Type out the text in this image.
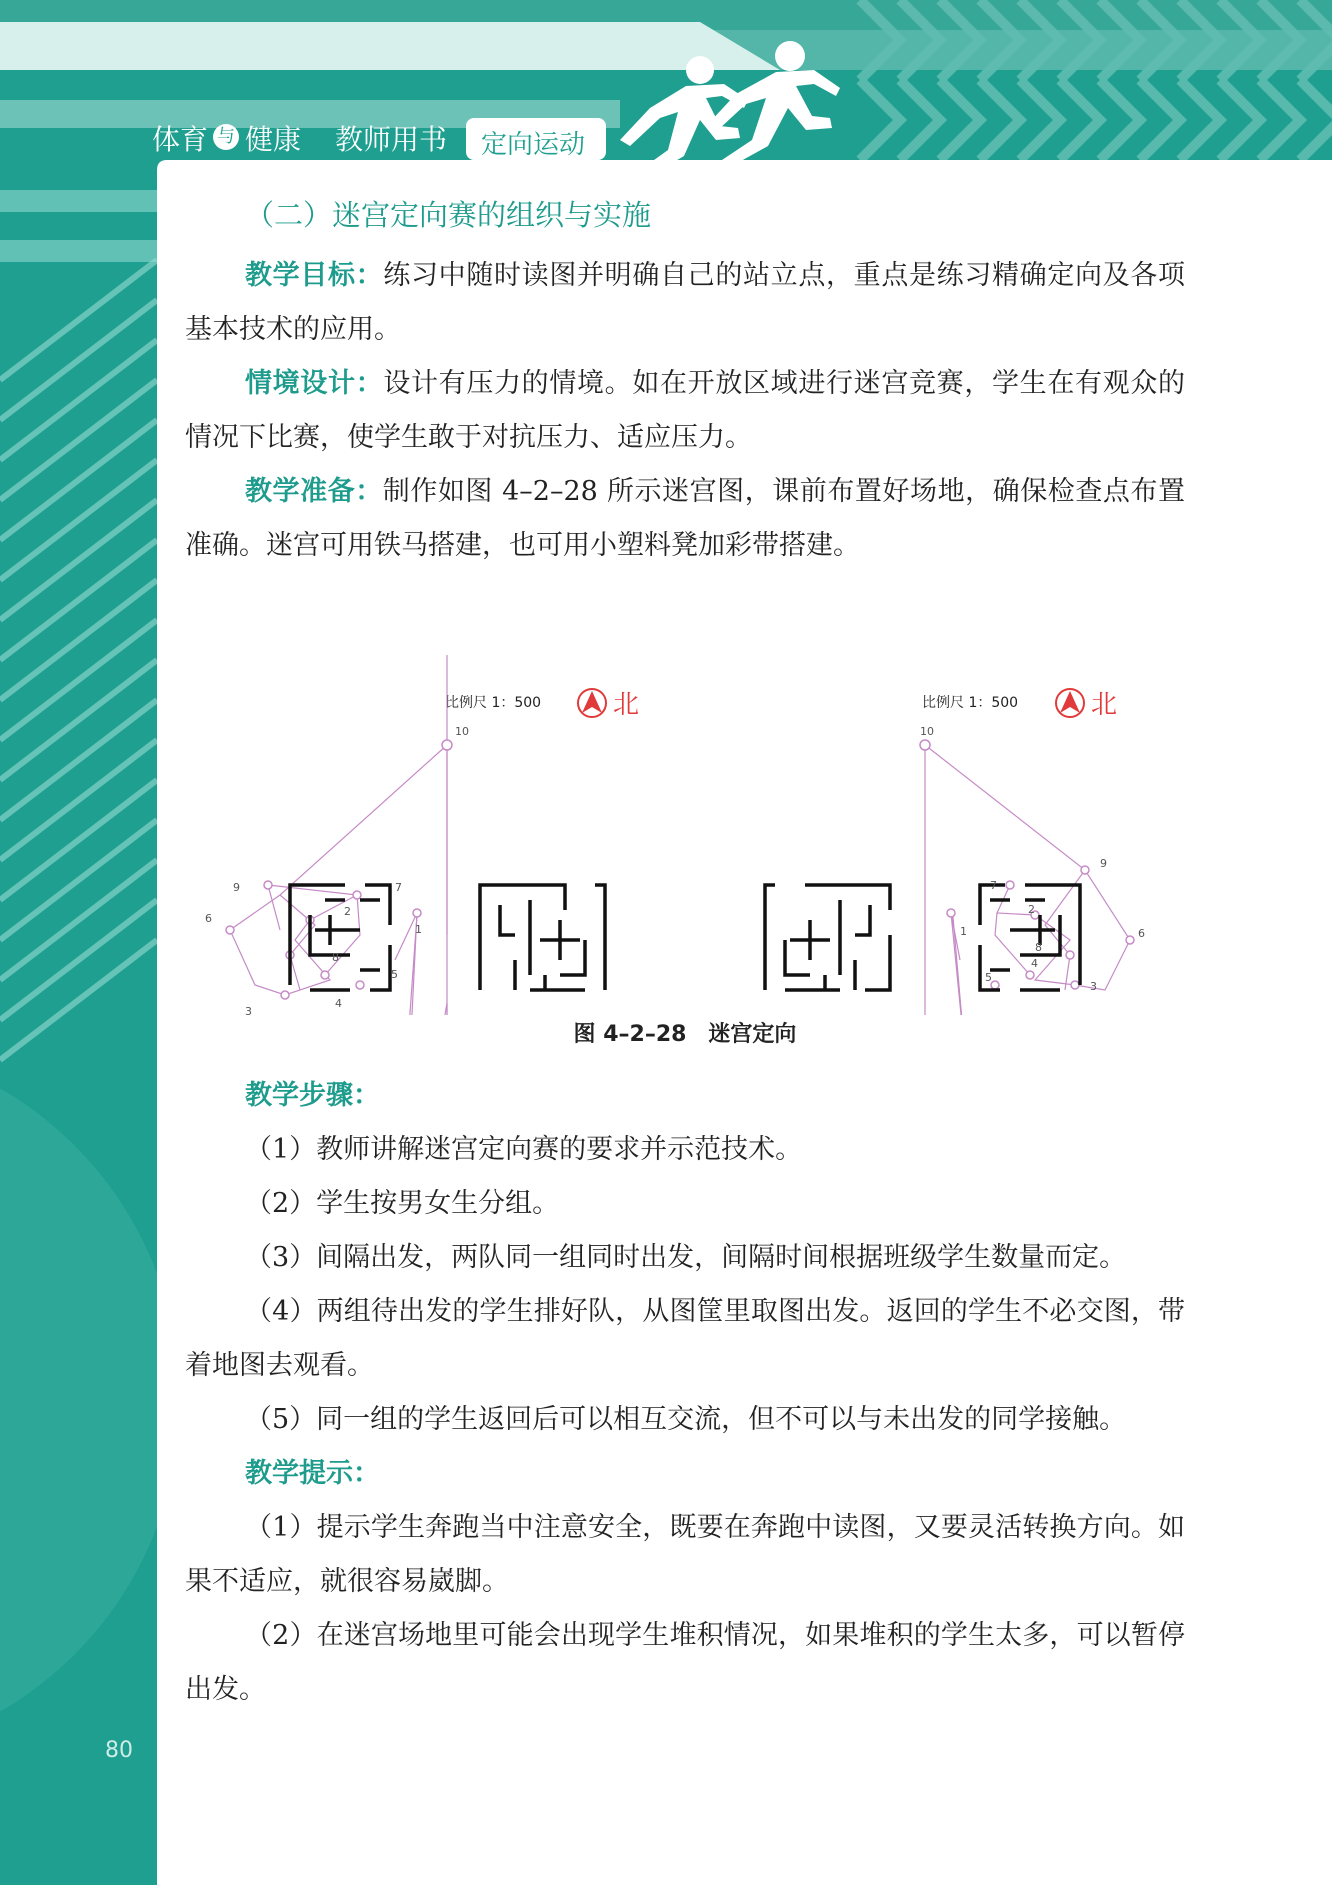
体育 与 健康 教师用书 定向运动

（二）迷宫定向赛的组织与实施

教学目标：练习中随时读图并明确自己的站立点，重点是练习精确定向及各项基本技术的应用。

情境设计：设计有压力的情境。如在开放区域进行迷宫竞赛，学生在有观众的情况下比赛，使学生敢于对抗压力、适应压力。

教学准备：制作如图 4–2–28 所示迷宫图，课前布置好场地，确保检查点布置准确。迷宫可用铁马搭建，也可用小塑料凳加彩带搭建。

比例尺 1：500	北
10
3
4
5
6
7
8
9
2
1
比例尺 1：500	北
10
3
4
5
6
7
8
9
2
1

图 4–2–28　迷宫定向

教学步骤：

（1）教师讲解迷宫定向赛的要求并示范技术。

（2）学生按男女生分组。

（3）间隔出发，两队同一组同时出发，间隔时间根据班级学生数量而定。

（4）两组待出发的学生排好队，从图筐里取图出发。返回的学生不必交图，带着地图去观看。

（5）同一组的学生返回后可以相互交流，但不可以与未出发的同学接触。

教学提示：

（1）提示学生奔跑当中注意安全，既要在奔跑中读图，又要灵活转换方向。如果不适应，就很容易崴脚。

（2）在迷宫场地里可能会出现学生堆积情况，如果堆积的学生太多，可以暂停出发。

80
